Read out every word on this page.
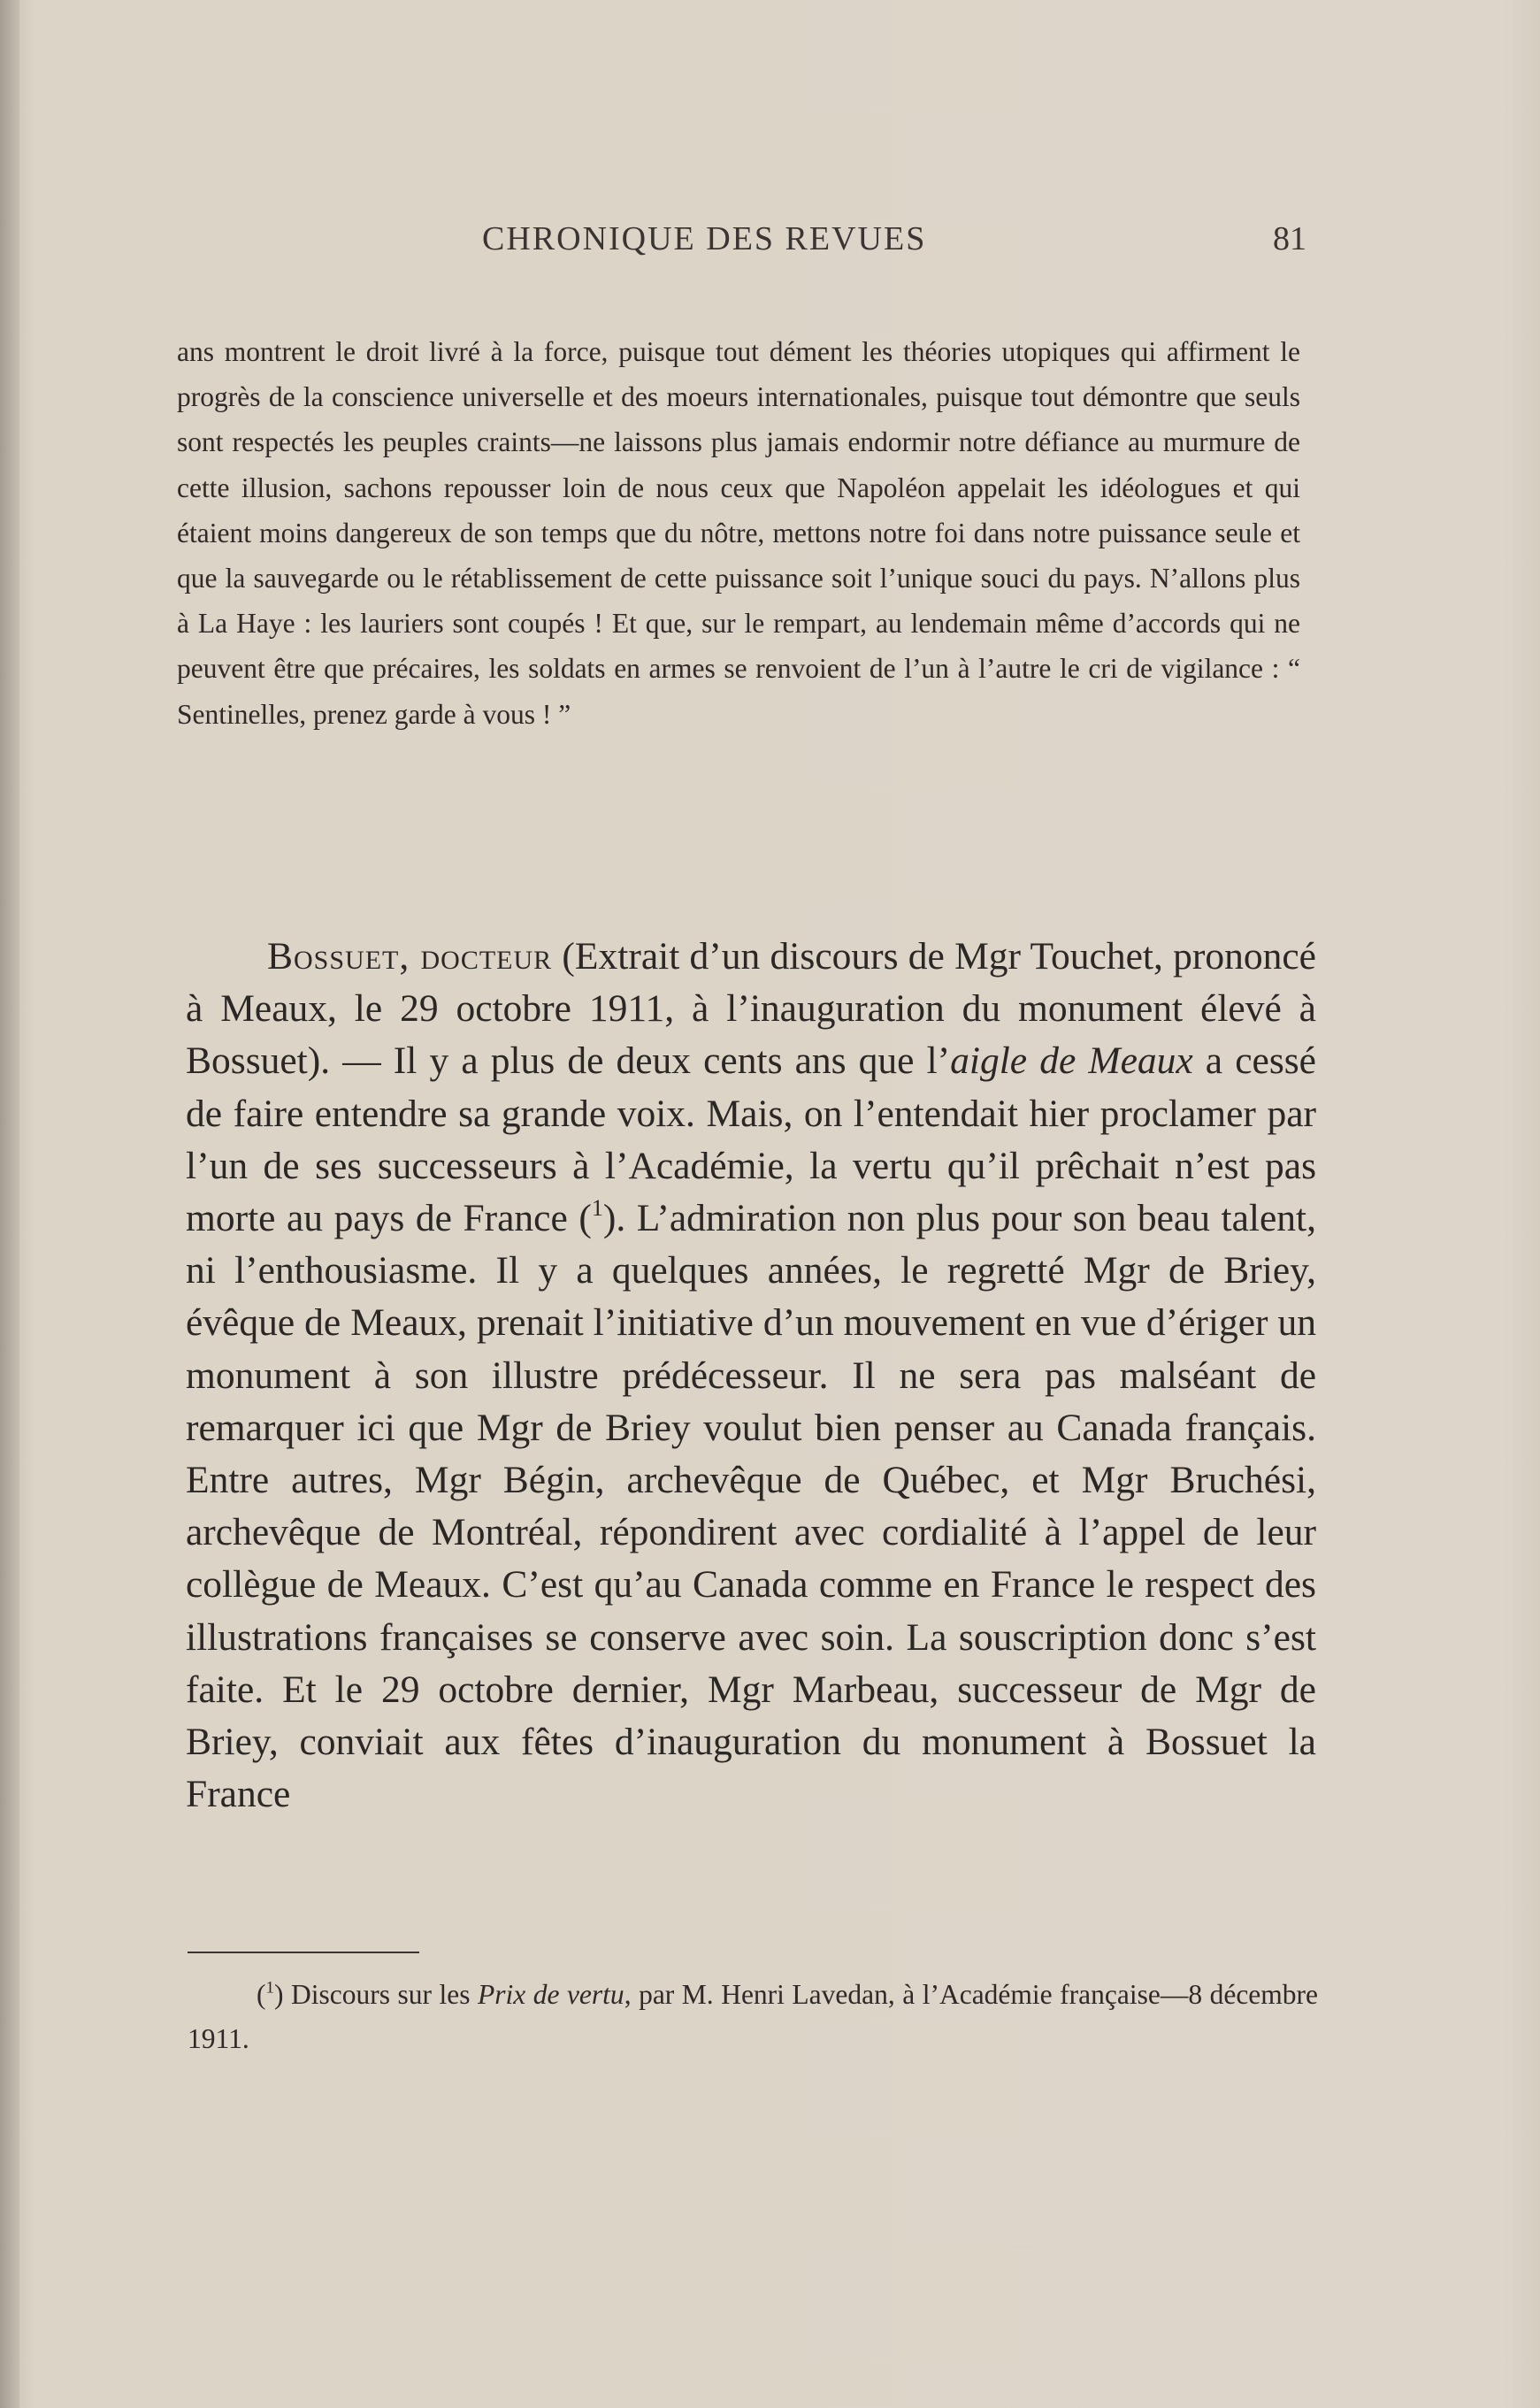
CHRONIQUE DES REVUES	81

ans montrent le droit livré à la force, puisque tout dément les théories utopiques qui affirment le progrès de la conscience universelle et des moeurs internationales, puisque tout démontre que seuls sont respectés les peuples craints—ne laissons plus jamais endormir notre défiance au murmure de cette illusion, sachons repousser loin de nous ceux que Napoléon appelait les idéologues et qui étaient moins dangereux de son temps que du nôtre, mettons notre foi dans notre puissance seule et que la sauvegarde ou le rétablissement de cette puissance soit l’unique souci du pays. N’allons plus à La Haye : les lauriers sont coupés ! Et que, sur le rempart, au lendemain même d’accords qui ne peuvent être que précaires, les soldats en armes se renvoient de l’un à l’autre le cri de vigilance : “ Sentinelles, prenez garde à vous ! ”

Bossuet, docteur (Extrait d’un discours de Mgr Touchet, prononcé à Meaux, le 29 octobre 1911, à l’inauguration du monument élevé à Bossuet). — Il y a plus de deux cents ans que l’aigle de Meaux a cessé de faire entendre sa grande voix. Mais, on l’entendait hier proclamer par l’un de ses successeurs à l’Académie, la vertu qu’il prêchait n’est pas morte au pays de France ($^1$). L’admiration non plus pour son beau talent, ni l’enthousiasme. Il y a quelques années, le regretté Mgr de Briey, évêque de Meaux, prenait l’initiative d’un mouvement en vue d’ériger un monument à son illustre prédécesseur. Il ne sera pas malséant de remarquer ici que Mgr de Briey voulut bien penser au Canada français. Entre autres, Mgr Bégin, archevêque de Québec, et Mgr Bruchési, archevêque de Montréal, répondirent avec cordialité à l’appel de leur collègue de Meaux. C’est qu’au Canada comme en France le respect des illustrations françaises se conserve avec soin. La souscription donc s’est faite. Et le 29 octobre dernier, Mgr Marbeau, successeur de Mgr de Briey, conviait aux fêtes d’inauguration du monument à Bossuet la France

($^1$) Discours sur les Prix de vertu, par M. Henri Lavedan, à l’Académie française—8 décembre 1911.
